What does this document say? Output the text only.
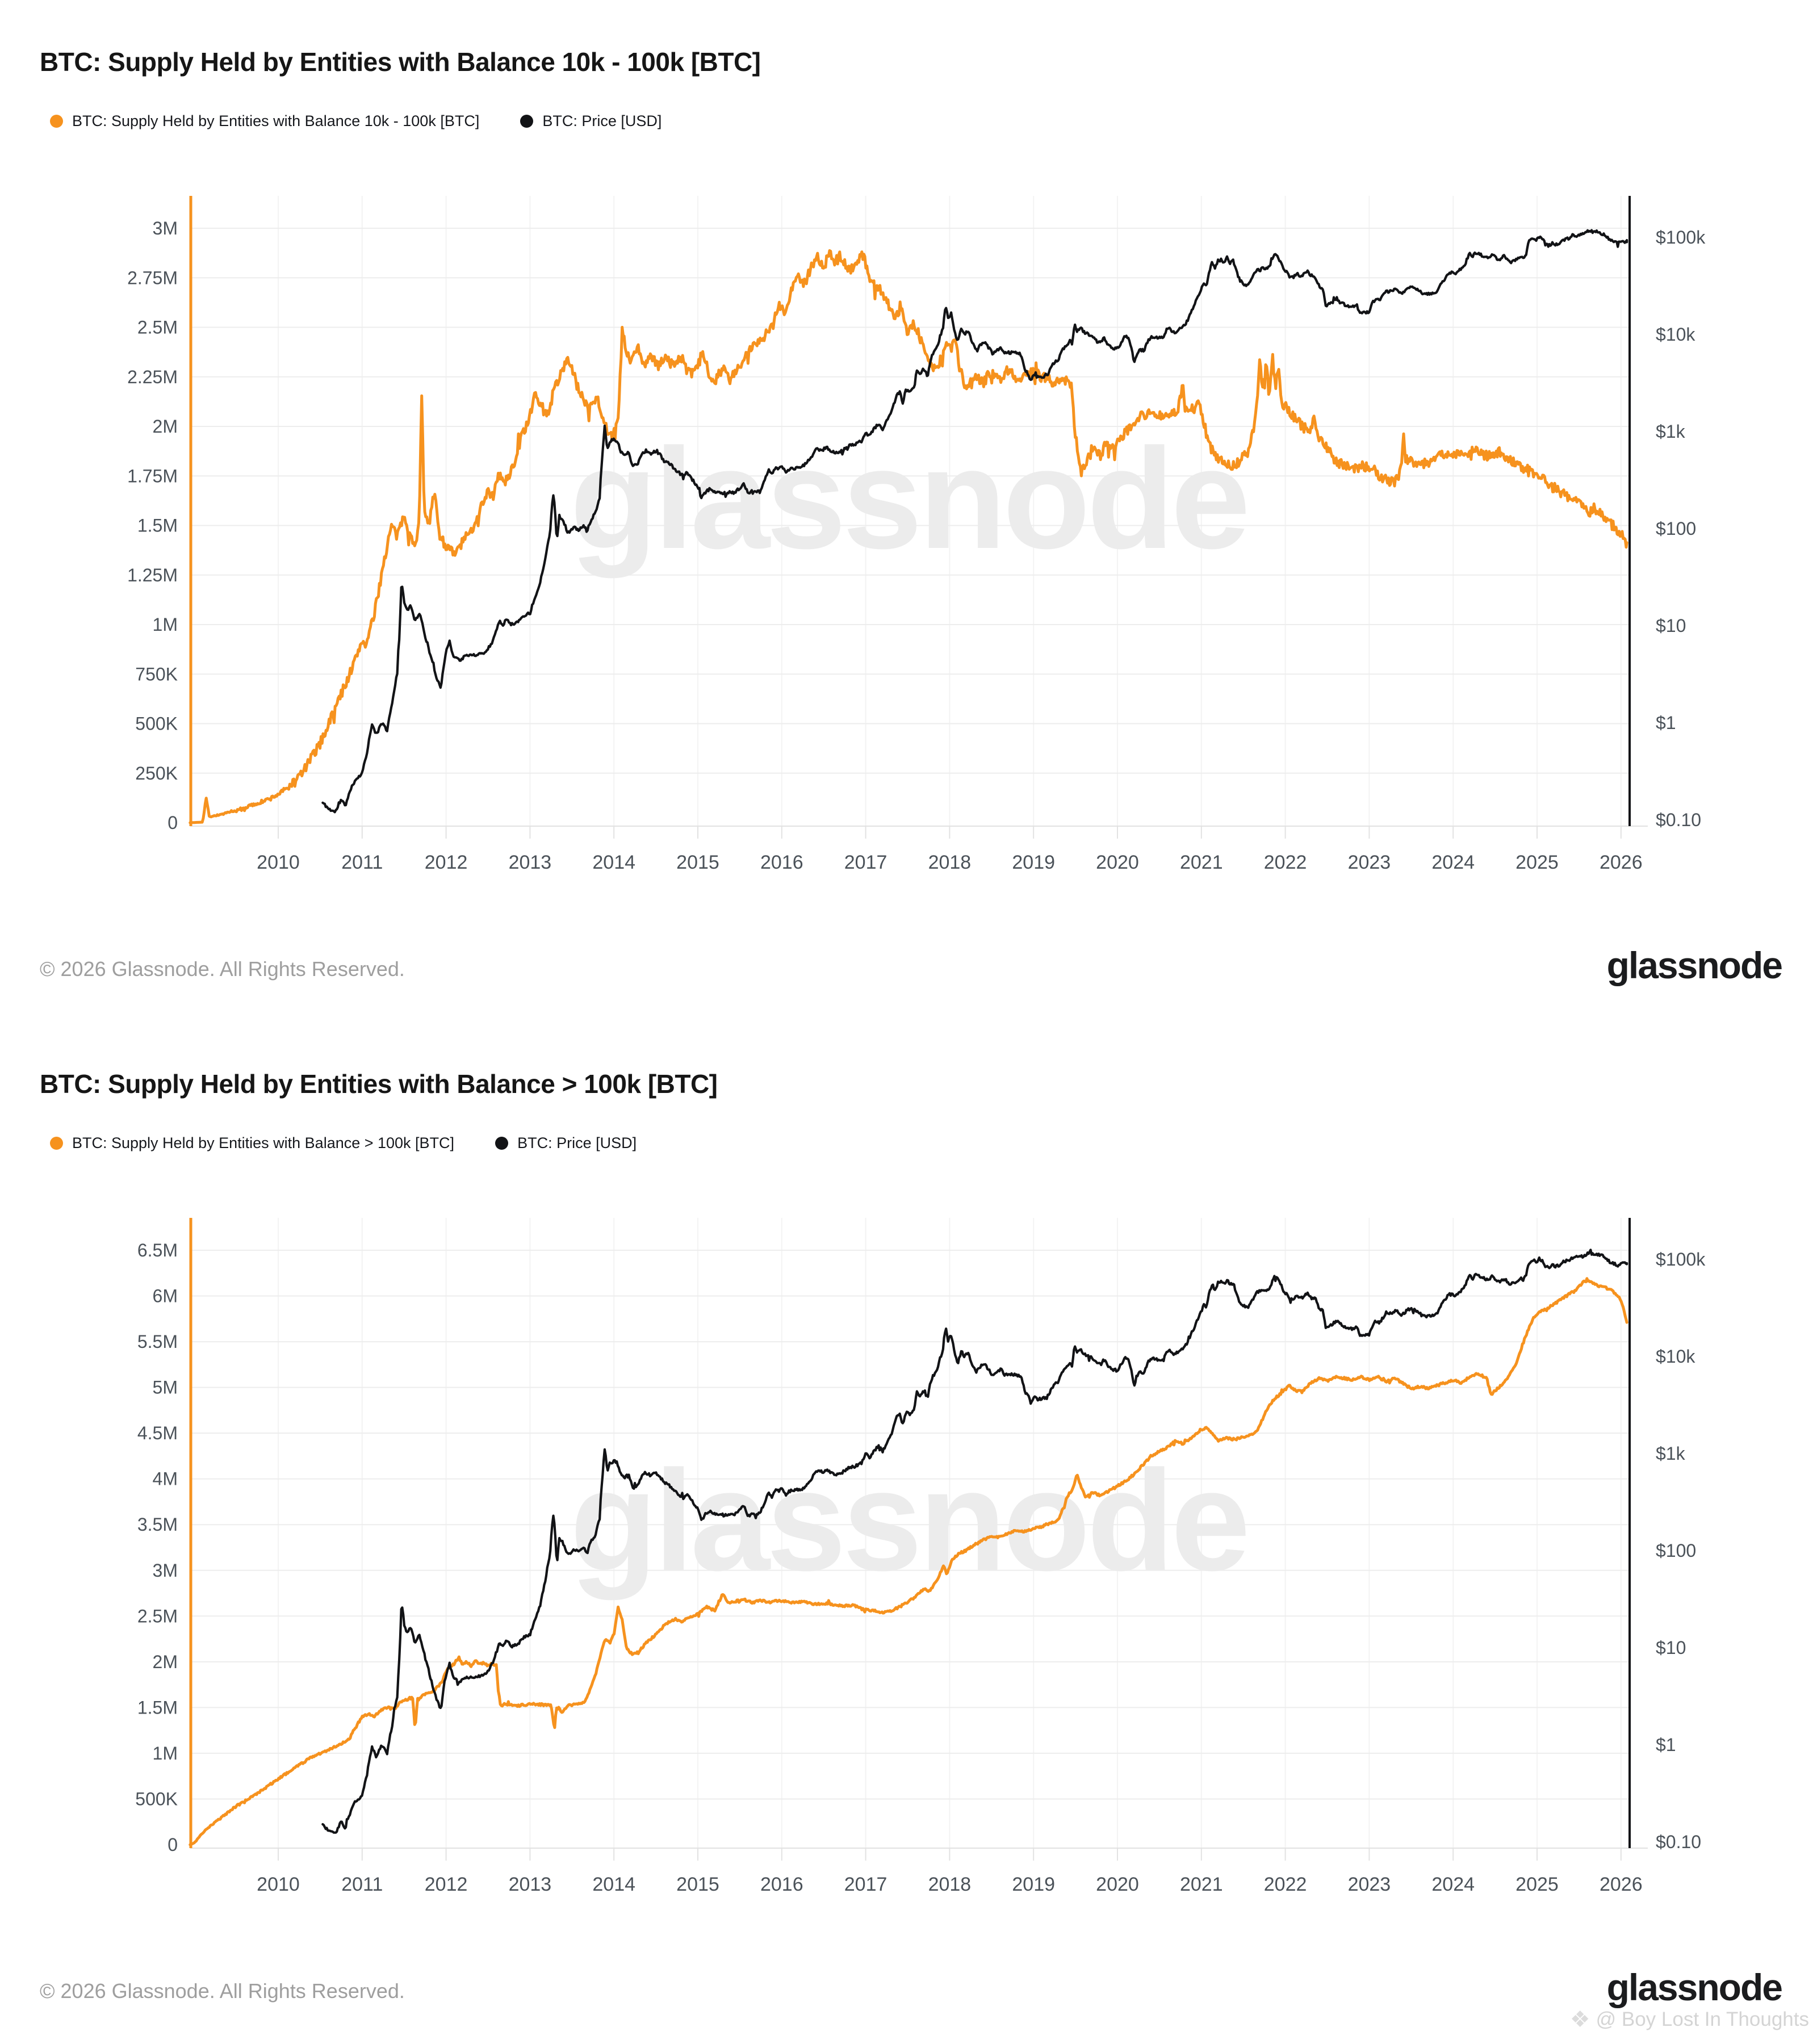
BTC: Supply Held by Entities with Balance 10k - 100k [BTC]
BTC: Supply Held by Entities with Balance 10k - 100k [BTC]	BTC: Price [USD]
glassnode
2010 2011 2012 2013 2014 2015 2016 2017 2018 2019 2020 2021 2022 2023 2024 2025 2026
0
250K
500K
750K
1M
1.25M
1.5M
1.75M
2M
2.25M
2.5M
2.75M
3M	$100k
$10k
$1k
$100
$10
$1
$0.10
© 2026 Glassnode. All Rights Reserved.	glassnode
BTC: Supply Held by Entities with Balance > 100k [BTC]
BTC: Supply Held by Entities with Balance > 100k [BTC]	BTC: Price [USD]
glassnode
2010 2011 2012 2013 2014 2015 2016 2017 2018 2019 2020 2021 2022 2023 2024 2025 2026
0
500K
1M
1.5M
2M
2.5M
3M
3.5M
4M
4.5M
5M
5.5M
6M
6.5M	$100k
$10k
$1k
$100
$10
$1
$0.10
© 2026 Glassnode. All Rights Reserved.	glassnode
❖ @ Boy Lost In Thoughts
